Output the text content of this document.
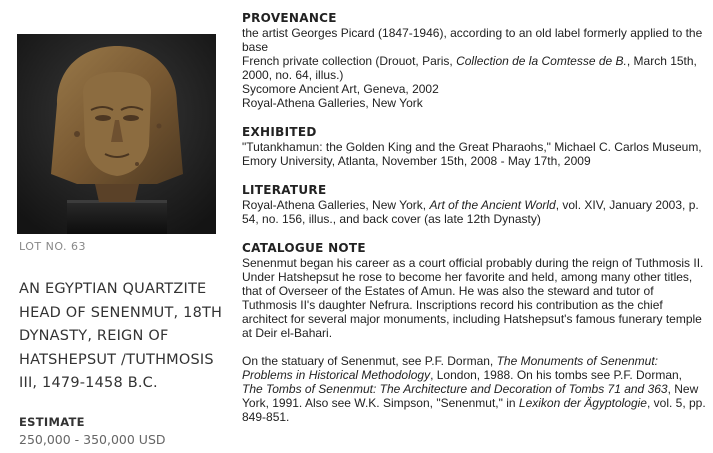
LOT NO. 63
AN EGYPTIAN QUARTZITE HEAD OF SENENMUT, 18TH DYNASTY, REIGN OF HATSHEPSUT /TUTHMOSIS III, 1479-1458 B.C.
ESTIMATE
250,000 - 350,000 USD
PROVENANCE

the artist Georges Picard (1847-1946), according to an old label formerly applied to the base

French private collection (Drouot, Paris, Collection de la Comtesse de B., March 15th, 2000, no. 64, illus.)

Sycomore Ancient Art, Geneva, 2002

Royal-Athena Galleries, New York

EXHIBITED

"Tutankhamun: the Golden King and the Great Pharaohs," Michael C. Carlos Museum, Emory University, Atlanta, November 15th, 2008 - May 17th, 2009

LITERATURE

Royal-Athena Galleries, New York, Art of the Ancient World, vol. XIV, January 2003, p. 54, no. 156, illus., and back cover (as late 12th Dynasty)

CATALOGUE NOTE

Senenmut began his career as a court official probably during the reign of Tuthmosis II. Under Hatshepsut he rose to become her favorite and held, among many other titles, that of Overseer of the Estates of Amun. He was also the steward and tutor of Tuthmosis II's daughter Nefrura. Inscriptions record his contribution as the chief architect for several major monuments, including Hatshepsut's famous funerary temple at Deir el-Bahari.

On the statuary of Senenmut, see P.F. Dorman, The Monuments of Senenmut: Problems in Historical Methodology, London, 1988. On his tombs see P.F. Dorman, The Tombs of Senenmut: The Architecture and Decoration of Tombs 71 and 363, New York, 1991. Also see W.K. Simpson, "Senenmut," in Lexikon der Ägyptologie, vol. 5, pp. 849-851.
